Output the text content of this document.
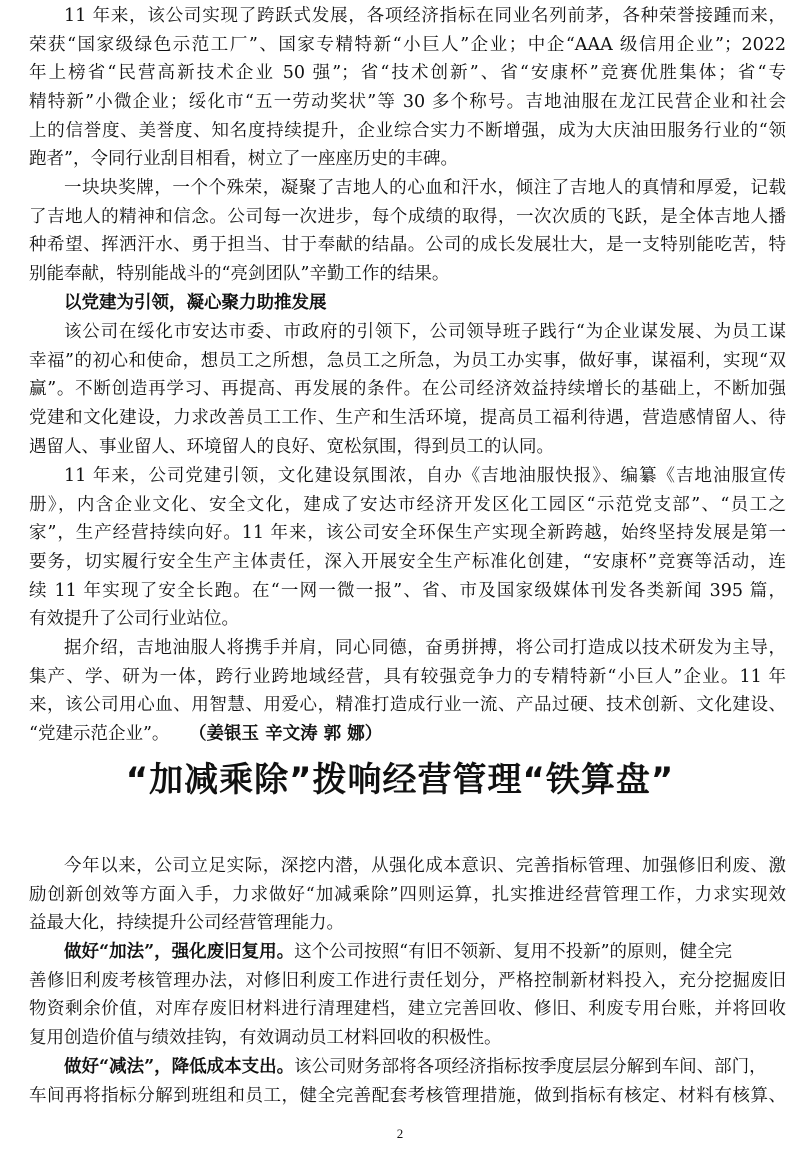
11 年来，该公司实现了跨跃式发展，各项经济指标在同业名列前茅，各种荣誉接踵而来，
荣获“国家级绿色示范工厂”、国家专精特新“小巨人”企业；中企“AAA 级信用企业”；2022
年上榜省“民营高新技术企业 50 强”；省“技术创新”、省“安康杯”竞赛优胜集体；省“专
精特新”小微企业；绥化市“五一劳动奖状”等 30 多个称号。吉地油服在龙江民营企业和社会
上的信誉度、美誉度、知名度持续提升，企业综合实力不断增强，成为大庆油田服务行业的“领
跑者”，令同行业刮目相看，树立了一座座历史的丰碑。
一块块奖牌，一个个殊荣，凝聚了吉地人的心血和汗水，倾注了吉地人的真情和厚爱，记载
了吉地人的精神和信念。公司每一次进步，每个成绩的取得，一次次质的飞跃，是全体吉地人播
种希望、挥洒汗水、勇于担当、甘于奉献的结晶。公司的成长发展壮大，是一支特别能吃苦，特
别能奉献，特别能战斗的“亮剑团队”辛勤工作的结果。
以党建为引领，凝心聚力助推发展
该公司在绥化市安达市委、市政府的引领下，公司领导班子践行“为企业谋发展、为员工谋
幸福”的初心和使命，想员工之所想，急员工之所急，为员工办实事，做好事，谋福利，实现“双
赢”。不断创造再学习、再提高、再发展的条件。在公司经济效益持续增长的基础上，不断加强
党建和文化建设，力求改善员工工作、生产和生活环境，提高员工福利待遇，营造感情留人、待
遇留人、事业留人、环境留人的良好、宽松氛围，得到员工的认同。
11 年来，公司党建引领，文化建设氛围浓，自办《吉地油服快报》、编纂《吉地油服宣传
册》，内含企业文化、安全文化，建成了安达市经济开发区化工园区“示范党支部”、“员工之
家”，生产经营持续向好。11 年来，该公司安全环保生产实现全新跨越，始终坚持发展是第一
要务，切实履行安全生产主体责任，深入开展安全生产标准化创建，“安康杯”竞赛等活动，连
续 11 年实现了安全长跑。在“一网一微一报”、省、市及国家级媒体刊发各类新闻 395 篇，
有效提升了公司行业站位。
据介绍，吉地油服人将携手并肩，同心同德，奋勇拼搏，将公司打造成以技术研发为主导，
集产、学、研为一体，跨行业跨地域经营，具有较强竞争力的专精特新“小巨人”企业。11 年
来，该公司用心血、用智慧、用爱心，精准打造成行业一流、产品过硬、技术创新、文化建设、
“党建示范企业”。 （姜银玉 辛文涛 郭 娜）
“加减乘除”拨响经营管理“铁算盘”
今年以来，公司立足实际，深挖内潜，从强化成本意识、完善指标管理、加强修旧利废、激
励创新创效等方面入手，力求做好“加减乘除”四则运算，扎实推进经营管理工作，力求实现效
益最大化，持续提升公司经营管理能力。
做好“加法”，强化废旧复用。这个公司按照“有旧不领新、复用不投新”的原则，健全完
善修旧利废考核管理办法，对修旧利废工作进行责任划分，严格控制新材料投入，充分挖掘废旧
物资剩余价值，对库存废旧材料进行清理建档，建立完善回收、修旧、利废专用台账，并将回收
复用创造价值与绩效挂钩，有效调动员工材料回收的积极性。
做好“减法”，降低成本支出。该公司财务部将各项经济指标按季度层层分解到车间、部门，
车间再将指标分解到班组和员工，健全完善配套考核管理措施，做到指标有核定、材料有核算、
2
